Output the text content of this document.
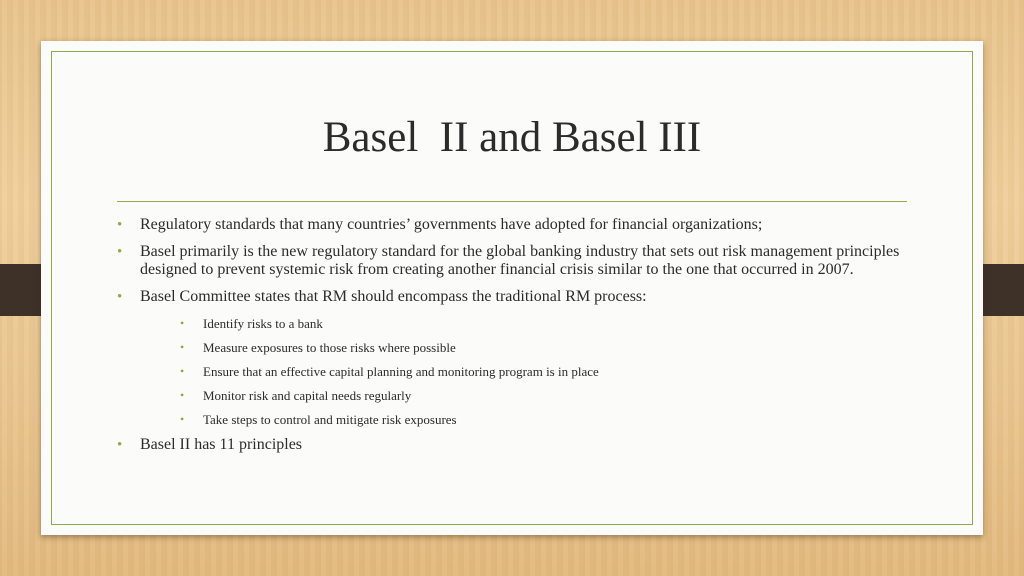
Basel  II and Basel III
• Regulatory standards that many countries’ governments have adopted for financial organizations;
• Basel primarily is the new regulatory standard for the global banking industry that sets out risk management principles designed to prevent systemic risk from creating another financial crisis similar to the one that occurred in 2007.
• Basel Committee states that RM should encompass the traditional RM process:
• Identify risks to a bank
• Measure exposures to those risks where possible
• Ensure that an effective capital planning and monitoring program is in place
• Monitor risk and capital needs regularly
• Take steps to control and mitigate risk exposures
• Basel II has 11 principles
